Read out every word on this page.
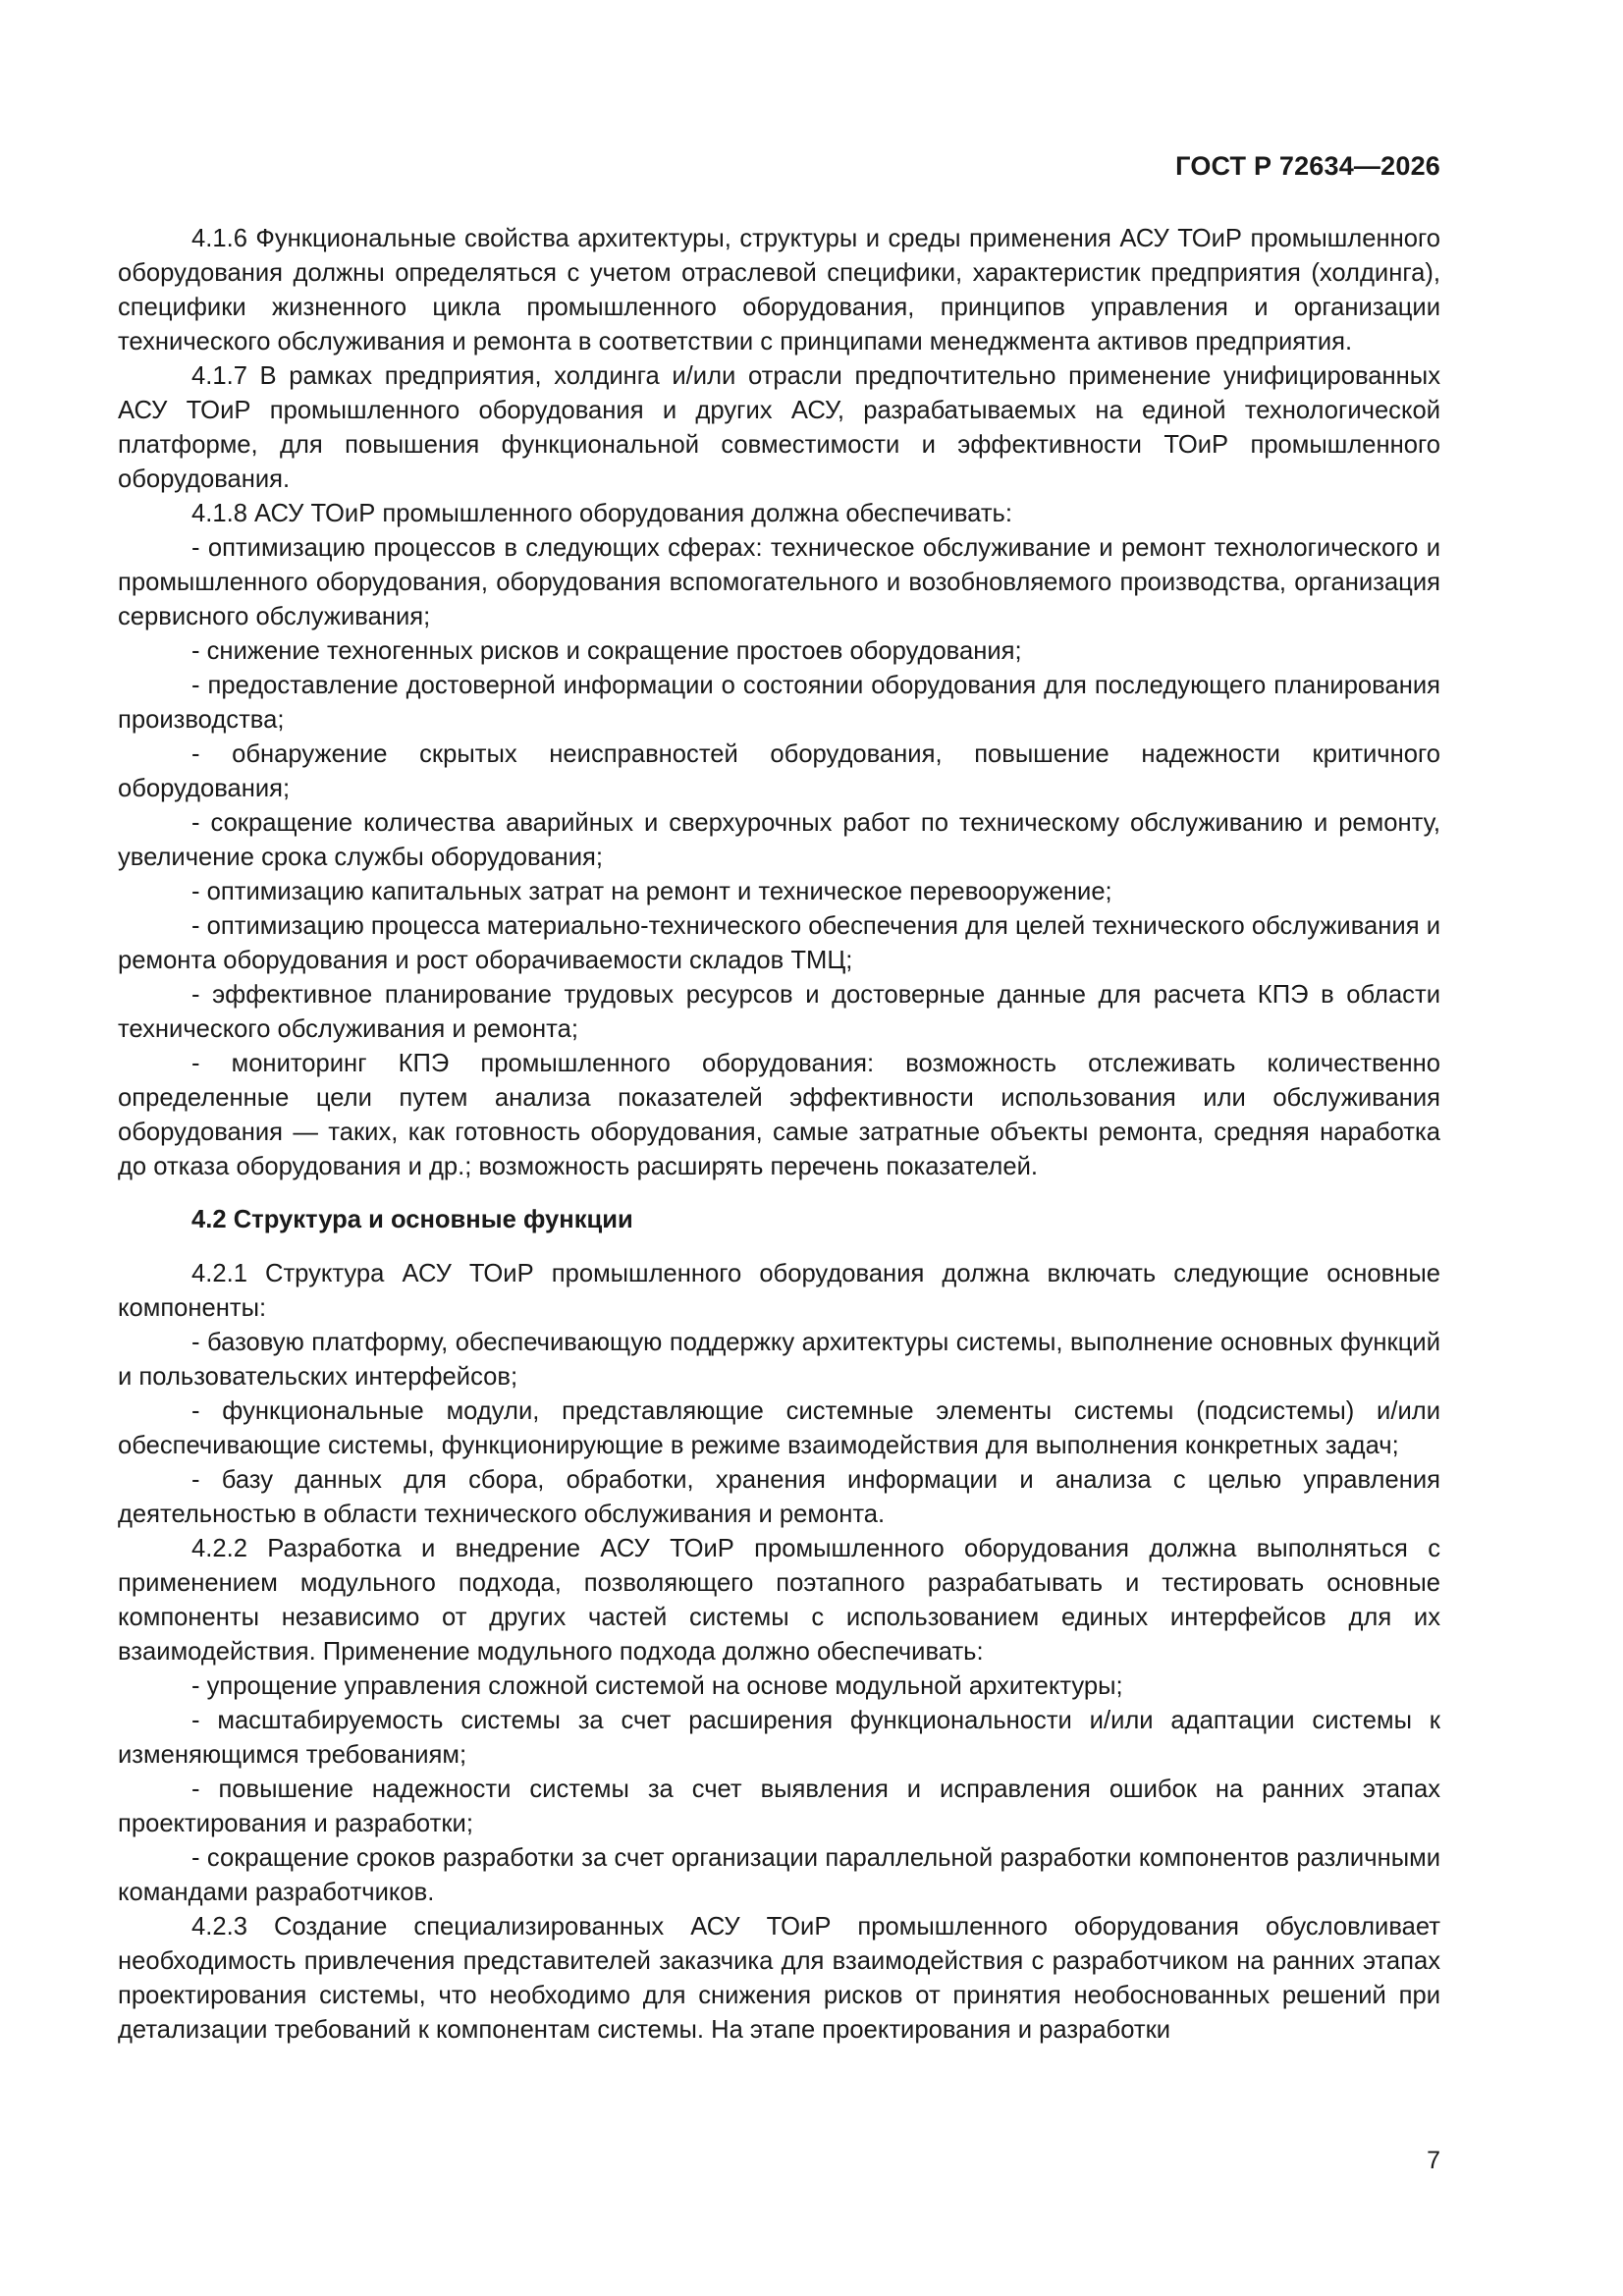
ГОСТ Р 72634—2026

4.1.6 Функциональные свойства архитектуры, структуры и среды применения АСУ ТОиР промышленного оборудования должны определяться с учетом отраслевой специфики, характеристик предприятия (холдинга), специфики жизненного цикла промышленного оборудования, принципов управления и организации технического обслуживания и ремонта в соответствии с принципами менеджмента активов предприятия.

4.1.7 В рамках предприятия, холдинга и/или отрасли предпочтительно применение унифицированных АСУ ТОиР промышленного оборудования и других АСУ, разрабатываемых на единой технологической платформе, для повышения функциональной совместимости и эффективности ТОиР промышленного оборудования.

4.1.8 АСУ ТОиР промышленного оборудования должна обеспечивать:

- оптимизацию процессов в следующих сферах: техническое обслуживание и ремонт технологического и промышленного оборудования, оборудования вспомогательного и возобновляемого производства, организация сервисного обслуживания;

- снижение техногенных рисков и сокращение простоев оборудования;

- предоставление достоверной информации о состоянии оборудования для последующего планирования производства;

- обнаружение скрытых неисправностей оборудования, повышение надежности критичного оборудования;

- сокращение количества аварийных и сверхурочных работ по техническому обслуживанию и ремонту, увеличение срока службы оборудования;

- оптимизацию капитальных затрат на ремонт и техническое перевооружение;

- оптимизацию процесса материально-технического обеспечения для целей технического обслуживания и ремонта оборудования и рост оборачиваемости складов ТМЦ;

- эффективное планирование трудовых ресурсов и достоверные данные для расчета КПЭ в области технического обслуживания и ремонта;

- мониторинг КПЭ промышленного оборудования: возможность отслеживать количественно определенные цели путем анализа показателей эффективности использования или обслуживания оборудования — таких, как готовность оборудования, самые затратные объекты ремонта, средняя наработка до отказа оборудования и др.; возможность расширять перечень показателей.

4.2 Структура и основные функции

4.2.1 Структура АСУ ТОиР промышленного оборудования должна включать следующие основные компоненты:

- базовую платформу, обеспечивающую поддержку архитектуры системы, выполнение основных функций и пользовательских интерфейсов;

- функциональные модули, представляющие системные элементы системы (подсистемы) и/или обеспечивающие системы, функционирующие в режиме взаимодействия для выполнения конкретных задач;

- базу данных для сбора, обработки, хранения информации и анализа с целью управления деятельностью в области технического обслуживания и ремонта.

4.2.2 Разработка и внедрение АСУ ТОиР промышленного оборудования должна выполняться с применением модульного подхода, позволяющего поэтапного разрабатывать и тестировать основные компоненты независимо от других частей системы с использованием единых интерфейсов для их взаимодействия. Применение модульного подхода должно обеспечивать:

- упрощение управления сложной системой на основе модульной архитектуры;

- масштабируемость системы за счет расширения функциональности и/или адаптации системы к изменяющимся требованиям;

- повышение надежности системы за счет выявления и исправления ошибок на ранних этапах проектирования и разработки;

- сокращение сроков разработки за счет организации параллельной разработки компонентов различными командами разработчиков.

4.2.3 Создание специализированных АСУ ТОиР промышленного оборудования обусловливает необходимость привлечения представителей заказчика для взаимодействия с разработчиком на ранних этапах проектирования системы, что необходимо для снижения рисков от принятия необоснованных решений при детализации требований к компонентам системы. На этапе проектирования и разработки

7
